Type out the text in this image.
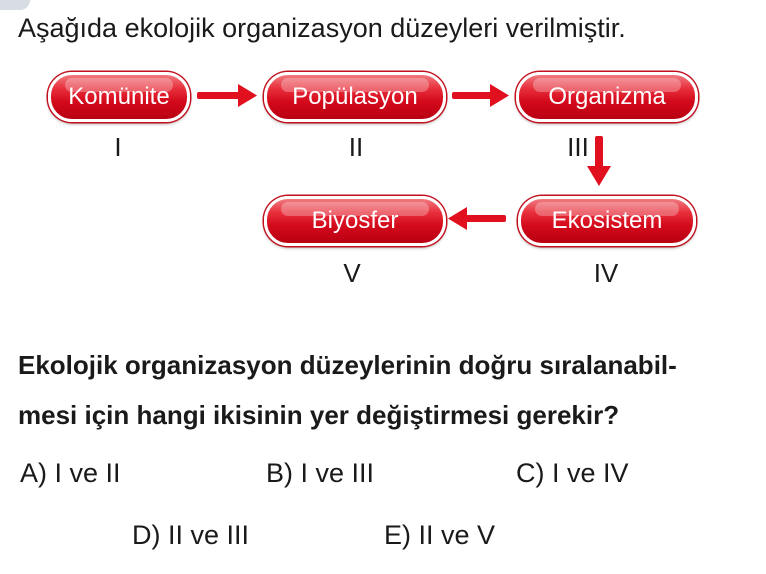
Aşağıda ekolojik organizasyon düzeyleri verilmiştir.
Komünite	Popülasyon	Organizma
Ekosistem
Biyosfer
I	II	III
IV
V
Ekolojik organizasyon düzeylerinin doğru sıralanabil-
mesi için hangi ikisinin yer değiştirmesi gerekir?
A) I ve II	B) I ve III	C) I ve IV
D) II ve III	E) II ve V
